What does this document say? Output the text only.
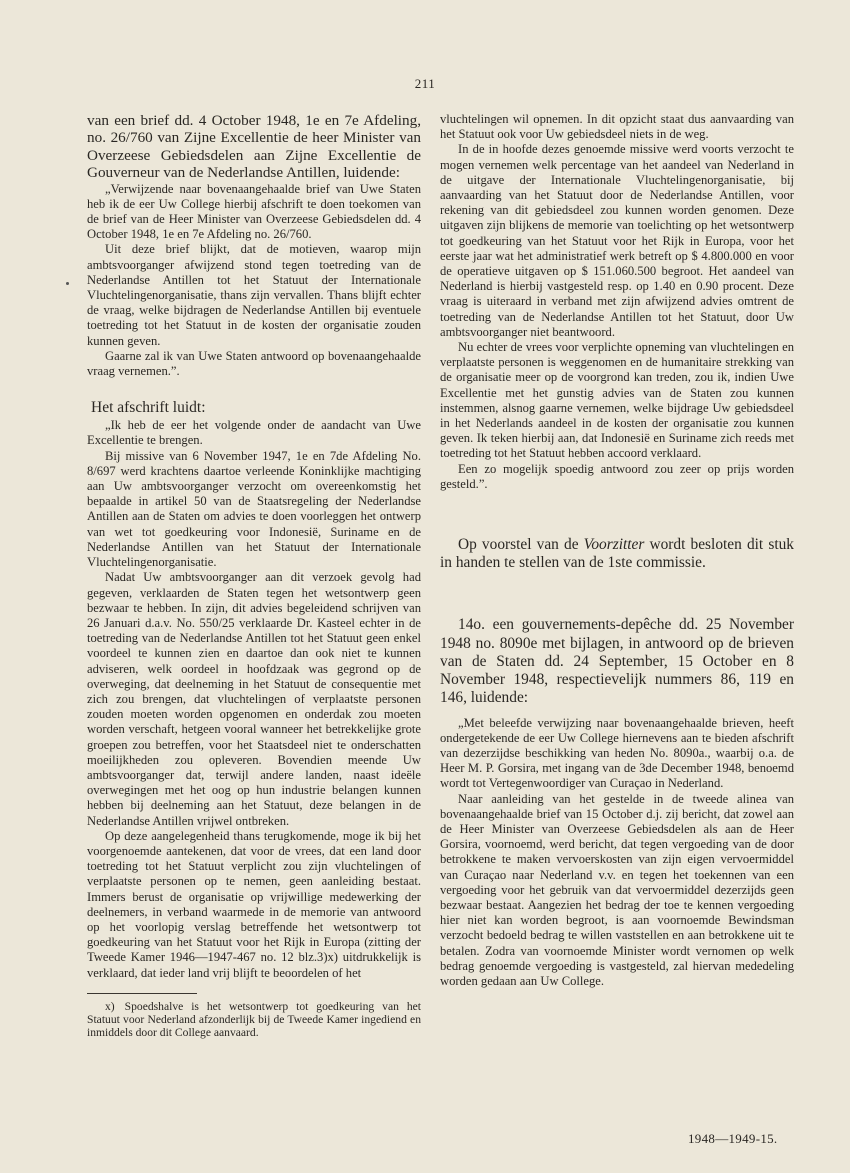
211

van een brief dd. 4 October 1948, 1e en 7e Afdeling, no. 26/760 van Zijne Excellentie de heer Minister van Overzeese Gebiedsdelen aan Zijne Excellentie de Gouverneur van de Nederlandse Antillen, luidende:

„Verwijzende naar bovenaangehaalde brief van Uwe Staten heb ik de eer Uw College hierbij afschrift te doen toekomen van de brief van de Heer Minister van Overzeese Gebiedsdelen dd. 4 October 1948, 1e en 7e Afdeling no. 26/760.

Uit deze brief blijkt, dat de motieven, waarop mijn ambtsvoorganger afwijzend stond tegen toetreding van de Nederlandse Antillen tot het Statuut der Internationale Vluchtelingenorganisatie, thans zijn vervallen. Thans blijft echter de vraag, welke bijdragen de Nederlandse Antillen bij eventuele toetreding tot het Statuut in de kosten der organisatie zouden kunnen geven.

Gaarne zal ik van Uwe Staten antwoord op bovenaangehaalde vraag vernemen.”.

Het afschrift luidt:

„Ik heb de eer het volgende onder de aandacht van Uwe Excellentie te brengen.

Bij missive van 6 November 1947, 1e en 7de Afdeling No. 8/697 werd krachtens daartoe verleende Koninklijke machtiging aan Uw ambtsvoorganger verzocht om overeenkomstig het bepaalde in artikel 50 van de Staatsregeling der Nederlandse Antillen aan de Staten om advies te doen voorleggen het ontwerp van wet tot goedkeuring voor Indonesië, Suriname en de Nederlandse Antillen van het Statuut der Internationale Vluchtelingenorganisatie.

Nadat Uw ambtsvoorganger aan dit verzoek gevolg had gegeven, verklaarden de Staten tegen het wetsontwerp geen bezwaar te hebben. In zijn, dit advies begeleidend schrijven van 26 Januari d.a.v. No. 550/25 verklaarde Dr. Kasteel echter in de toetreding van de Nederlandse Antillen tot het Statuut geen enkel voordeel te kunnen zien en daartoe dan ook niet te kunnen adviseren, welk oordeel in hoofdzaak was gegrond op de overweging, dat deelneming in het Statuut de consequentie met zich zou brengen, dat vluchtelingen of verplaatste personen zouden moeten worden opgenomen en onderdak zou moeten worden verschaft, hetgeen vooral wanneer het betrekkelijke grote groepen zou betreffen, voor het Staatsdeel niet te onderschatten moeilijkheden zou opleveren. Bovendien meende Uw ambtsvoorganger dat, terwijl andere landen, naast ideële overwegingen met het oog op hun industrie belangen kunnen hebben bij deelneming aan het Statuut, deze belangen in de Nederlandse Antillen vrijwel ontbreken.

Op deze aangelegenheid thans terugkomende, moge ik bij het voorgenoemde aantekenen, dat voor de vrees, dat een land door toetreding tot het Statuut verplicht zou zijn vluchtelingen of verplaatste personen op te nemen, geen aanleiding bestaat. Immers berust de organisatie op vrijwillige medewerking der deelnemers, in verband waarmede in de memorie van antwoord op het voorlopig verslag betreffende het wetsontwerp tot goedkeuring van het Statuut voor het Rijk in Europa (zitting der Tweede Kamer 1946—1947-467 no. 12 blz.3)x) uitdrukkelijk is verklaard, dat ieder land vrij blijft te beoordelen of het

x) Spoedshalve is het wetsontwerp tot goedkeuring van het Statuut voor Nederland afzonderlijk bij de Tweede Kamer ingediend en inmiddels door dit College aanvaard.

vluchtelingen wil opnemen. In dit opzicht staat dus aanvaarding van het Statuut ook voor Uw gebiedsdeel niets in de weg.

In de in hoofde dezes genoemde missive werd voorts verzocht te mogen vernemen welk percentage van het aandeel van Nederland in de uitgave der Internationale Vluchtelingenorganisatie, bij aanvaarding van het Statuut door de Nederlandse Antillen, voor rekening van dit gebiedsdeel zou kunnen worden genomen. Deze uitgaven zijn blijkens de memorie van toelichting op het wetsontwerp tot goedkeuring van het Statuut voor het Rijk in Europa, voor het eerste jaar wat het administratief werk betreft op $ 4.800.000 en voor de operatieve uitgaven op $ 151.060.500 begroot. Het aandeel van Nederland is hierbij vastgesteld resp. op 1.40 en 0.90 procent. Deze vraag is uiteraard in verband met zijn afwijzend advies omtrent de toetreding van de Nederlandse Antillen tot het Statuut, door Uw ambtsvoorganger niet beantwoord.

Nu echter de vrees voor verplichte opneming van vluchtelingen en verplaatste personen is weggenomen en de humanitaire strekking van de organisatie meer op de voorgrond kan treden, zou ik, indien Uwe Excellentie met het gunstig advies van de Staten zou kunnen instemmen, alsnog gaarne vernemen, welke bijdrage Uw gebiedsdeel in het Nederlands aandeel in de kosten der organisatie zou kunnen geven. Ik teken hierbij aan, dat Indonesië en Suriname zich reeds met toetreding tot het Statuut hebben accoord verklaard.

Een zo mogelijk spoedig antwoord zou zeer op prijs worden gesteld.”.

Op voorstel van de Voorzitter wordt besloten dit stuk in handen te stellen van de 1ste commissie.

14o. een gouvernements-depêche dd. 25 November 1948 no. 8090e met bijlagen, in antwoord op de brieven van de Staten dd. 24 September, 15 October en 8 November 1948, respectievelijk nummers 86, 119 en 146, luidende:

„Met beleefde verwijzing naar bovenaangehaalde brieven, heeft ondergetekende de eer Uw College hiernevens aan te bieden afschrift van dezerzijdse beschikking van heden No. 8090a., waarbij o.a. de Heer M. P. Gorsira, met ingang van de 3de December 1948, benoemd wordt tot Vertegenwoordiger van Curaçao in Nederland.

Naar aanleiding van het gestelde in de tweede alinea van bovenaangehaalde brief van 15 October d.j. zij bericht, dat zowel aan de Heer Minister van Overzeese Gebiedsdelen als aan de Heer Gorsira, voornoemd, werd bericht, dat tegen vergoeding van de door betrokkene te maken vervoerskosten van zijn eigen vervoermiddel van Curaçao naar Nederland v.v. en tegen het toekennen van een vergoeding voor het gebruik van dat vervoermiddel dezerzijds geen bezwaar bestaat. Aangezien het bedrag der toe te kennen vergoeding hier niet kan worden begroot, is aan voornoemde Bewindsman verzocht bedoeld bedrag te willen vaststellen en aan betrokkene uit te betalen. Zodra van voornoemde Minister wordt vernomen op welk bedrag genoemde vergoeding is vastgesteld, zal hiervan mededeling worden gedaan aan Uw College.

1948—1949-15.
